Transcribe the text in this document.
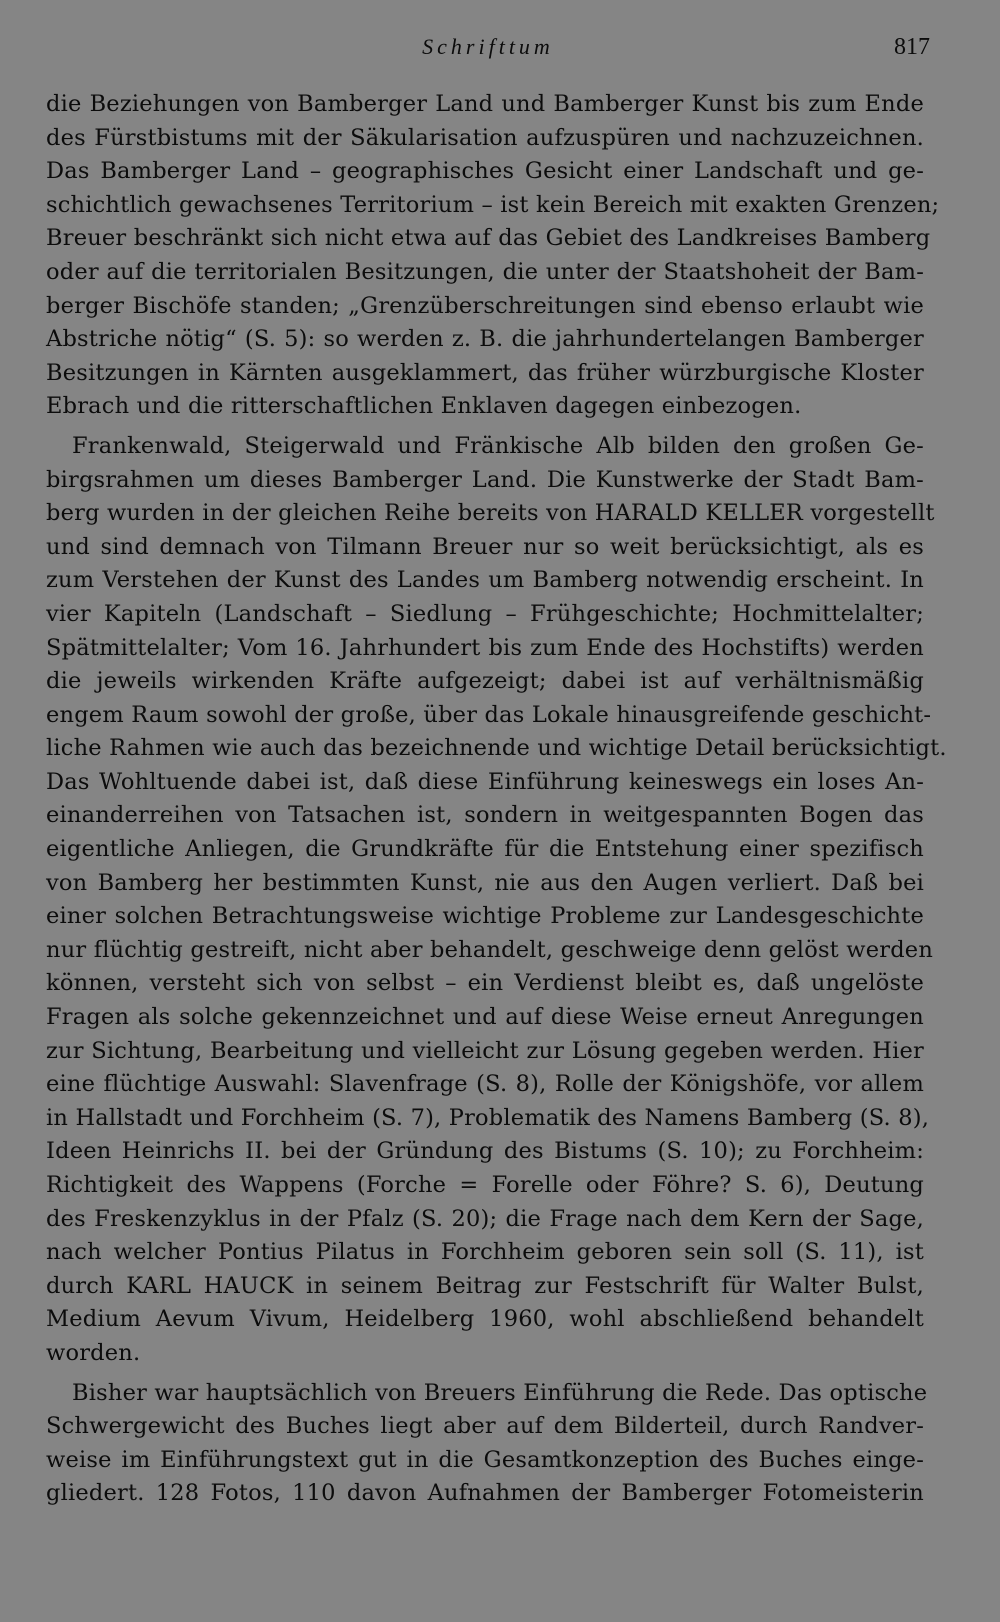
Schrifttum	817
die Beziehungen von Bamberger Land und Bamberger Kunst bis zum Ende
des Fürstbistums mit der Säkularisation aufzuspüren und nachzuzeichnen.
Das Bamberger Land – geographisches Gesicht einer Landschaft und ge-
schichtlich gewachsenes Territorium – ist kein Bereich mit exakten Grenzen;
Breuer beschränkt sich nicht etwa auf das Gebiet des Landkreises Bamberg
oder auf die territorialen Besitzungen, die unter der Staatshoheit der Bam-
berger Bischöfe standen; „Grenzüberschreitungen sind ebenso erlaubt wie
Abstriche nötig“ (S. 5): so werden z. B. die jahrhundertelangen Bamberger
Besitzungen in Kärnten ausgeklammert, das früher würzburgische Kloster
Ebrach und die ritterschaftlichen Enklaven dagegen einbezogen.
Frankenwald, Steigerwald und Fränkische Alb bilden den großen Ge-
birgsrahmen um dieses Bamberger Land. Die Kunstwerke der Stadt Bam-
berg wurden in der gleichen Reihe bereits von HARALD KELLER vorgestellt
und sind demnach von Tilmann Breuer nur so weit berücksichtigt, als es
zum Verstehen der Kunst des Landes um Bamberg notwendig erscheint. In
vier Kapiteln (Landschaft – Siedlung – Frühgeschichte; Hochmittelalter;
Spätmittelalter; Vom 16. Jahrhundert bis zum Ende des Hochstifts) werden
die jeweils wirkenden Kräfte aufgezeigt; dabei ist auf verhältnismäßig
engem Raum sowohl der große, über das Lokale hinausgreifende geschicht-
liche Rahmen wie auch das bezeichnende und wichtige Detail berücksichtigt.
Das Wohltuende dabei ist, daß diese Einführung keineswegs ein loses An-
einanderreihen von Tatsachen ist, sondern in weitgespannten Bogen das
eigentliche Anliegen, die Grundkräfte für die Entstehung einer spezifisch
von Bamberg her bestimmten Kunst, nie aus den Augen verliert. Daß bei
einer solchen Betrachtungsweise wichtige Probleme zur Landesgeschichte
nur flüchtig gestreift, nicht aber behandelt, geschweige denn gelöst werden
können, versteht sich von selbst – ein Verdienst bleibt es, daß ungelöste
Fragen als solche gekennzeichnet und auf diese Weise erneut Anregungen
zur Sichtung, Bearbeitung und vielleicht zur Lösung gegeben werden. Hier
eine flüchtige Auswahl: Slavenfrage (S. 8), Rolle der Königshöfe, vor allem
in Hallstadt und Forchheim (S. 7), Problematik des Namens Bamberg (S. 8),
Ideen Heinrichs II. bei der Gründung des Bistums (S. 10); zu Forchheim:
Richtigkeit des Wappens (Forche = Forelle oder Föhre? S. 6), Deutung
des Freskenzyklus in der Pfalz (S. 20); die Frage nach dem Kern der Sage,
nach welcher Pontius Pilatus in Forchheim geboren sein soll (S. 11), ist
durch KARL HAUCK in seinem Beitrag zur Festschrift für Walter Bulst,
Medium Aevum Vivum, Heidelberg 1960, wohl abschließend behandelt
worden.
Bisher war hauptsächlich von Breuers Einführung die Rede. Das optische
Schwergewicht des Buches liegt aber auf dem Bilderteil, durch Randver-
weise im Einführungstext gut in die Gesamtkonzeption des Buches einge-
gliedert. 128 Fotos, 110 davon Aufnahmen der Bamberger Fotomeisterin
